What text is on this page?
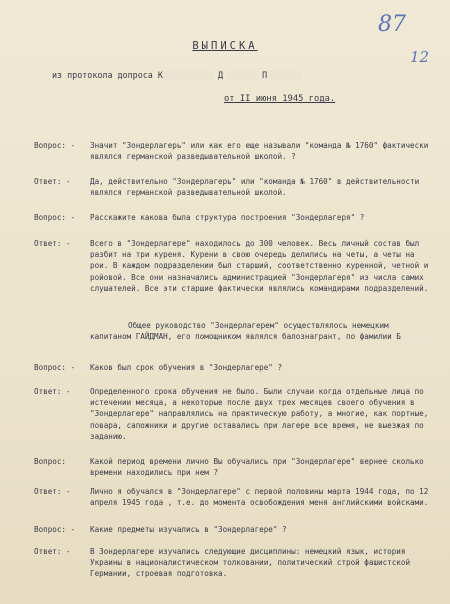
87
12
ВЫПИСКА
из протокола допроса К	Д	П
от II июня 1945 года.
Вопрос: - Значит "Зондерлагерь" или как его еще называли "команда № 1760" фактически являлся германской разведывательной школой. ?
Ответ: -	Да, действительно "Зондерлагерь" или "команда № 1760" в действительности являлся германской разведывательной школой.
Вопрос: - Расскажите какова была структура построения "Зондерлагеря" ?
Ответ: -	Всего в "Зондерлагере" находилось до 300 человек. Весь личный состав был разбит на три куреня. Курени в свою очередь делились на четы, а четы на рои. В каждом подразделении был старший, соответственно куренной, четной и ройовой. Все они назначались администрацией "Зондерлагеря" из числа самих слушателей. Все эти старшие фактически являлись командирами подразделений.
Общее руководство "Зондерлагерем" осуществлялось немецким капитаном ГАЙДМАН, его помощником являлся балознагрант, по фамилии Б
Вопрос: - Каков был срок обучения в "Зондерлагере" ?
Ответ: -	Определенного срока обучения не было. Были случаи когда отдельные лица по истечении месяца, а некоторые после двух трех месяцев своего обучения в "Зондерлагере" направлялись на практическую работу, а многие, как портные, повара, сапожники и другие оставались при лагере все время, не выезжая по заданию.
Вопрос:	Какой период времени лично Вы обучались при "Зондерлагере" вернее сколько времени находились при нем ?
Ответ: -	Лично я обучался в "Зондерлагере" с первой половины марта 1944 года, по 12 апреля 1945 года , т.е. до момента освобождения меня английскими войсками.
Вопрос: - Какие предметы изучались в "Зондерлагере" ?
Ответ: -	В Зондерлагере изучались следующие дисциплины: немецкий язык, история Украины в националистическом толковании, политический строй фашистской Германии, строевая подготовка.
